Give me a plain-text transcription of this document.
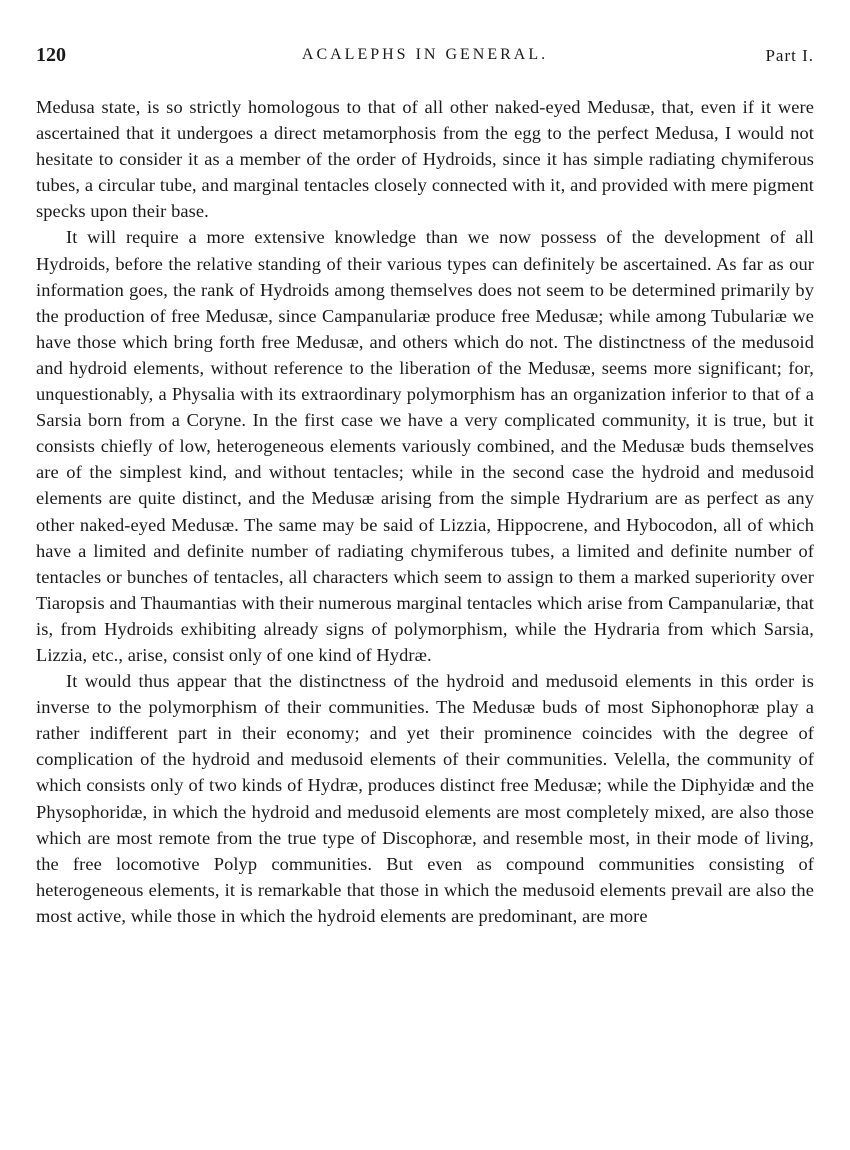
120	ACALEPHS IN GENERAL.	Part I.

Medusa state, is so strictly homologous to that of all other naked-eyed Medusæ, that, even if it were ascertained that it undergoes a direct metamorphosis from the egg to the perfect Medusa, I would not hesitate to consider it as a member of the order of Hydroids, since it has simple radiating chymiferous tubes, a circular tube, and marginal tentacles closely connected with it, and provided with mere pigment specks upon their base.

It will require a more extensive knowledge than we now possess of the development of all Hydroids, before the relative standing of their various types can definitely be ascertained. As far as our information goes, the rank of Hydroids among themselves does not seem to be determined primarily by the production of free Medusæ, since Campanulariæ produce free Medusæ; while among Tubulariæ we have those which bring forth free Medusæ, and others which do not. The distinctness of the medusoid and hydroid elements, without reference to the liberation of the Medusæ, seems more significant; for, unquestionably, a Physalia with its extraordinary polymorphism has an organization inferior to that of a Sarsia born from a Coryne. In the first case we have a very complicated community, it is true, but it consists chiefly of low, heterogeneous elements variously combined, and the Medusæ buds themselves are of the simplest kind, and without tentacles; while in the second case the hydroid and medusoid elements are quite distinct, and the Medusæ arising from the simple Hydrarium are as perfect as any other naked-eyed Medusæ. The same may be said of Lizzia, Hippocrene, and Hybocodon, all of which have a limited and definite number of radiating chymiferous tubes, a limited and definite number of tentacles or bunches of tentacles, all characters which seem to assign to them a marked superiority over Tiaropsis and Thaumantias with their numerous marginal tentacles which arise from Campanulariæ, that is, from Hydroids exhibiting already signs of polymorphism, while the Hydraria from which Sarsia, Lizzia, etc., arise, consist only of one kind of Hydræ.

It would thus appear that the distinctness of the hydroid and medusoid elements in this order is inverse to the polymorphism of their communities. The Medusæ buds of most Siphonophoræ play a rather indifferent part in their economy; and yet their prominence coincides with the degree of complication of the hydroid and medusoid elements of their communities. Velella, the community of which consists only of two kinds of Hydræ, produces distinct free Medusæ; while the Diphyidæ and the Physophoridæ, in which the hydroid and medusoid elements are most completely mixed, are also those which are most remote from the true type of Discophoræ, and resemble most, in their mode of living, the free locomotive Polyp communities. But even as compound communities consisting of heterogeneous elements, it is remarkable that those in which the medusoid elements prevail are also the most active, while those in which the hydroid elements are predominant, are more
